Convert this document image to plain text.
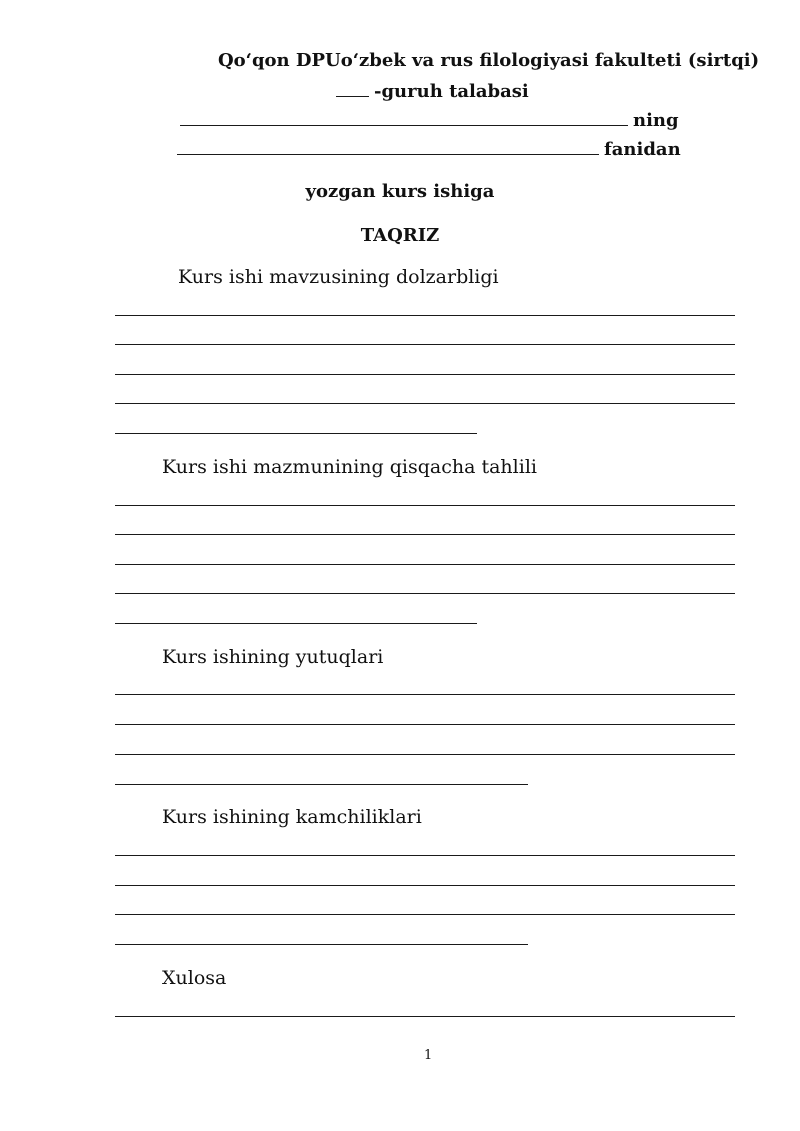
Qo‘qon DPUo‘zbek va rus filologiyasi fakulteti (sirtqi)
-guruh talabasi
ning
fanidan
yozgan kurs ishiga
TAQRIZ
Kurs ishi mavzusining dolzarbligi
Kurs ishi mazmunining qisqacha tahlili
Kurs ishining yutuqlari
Kurs ishining kamchiliklari
Xulosa
1
